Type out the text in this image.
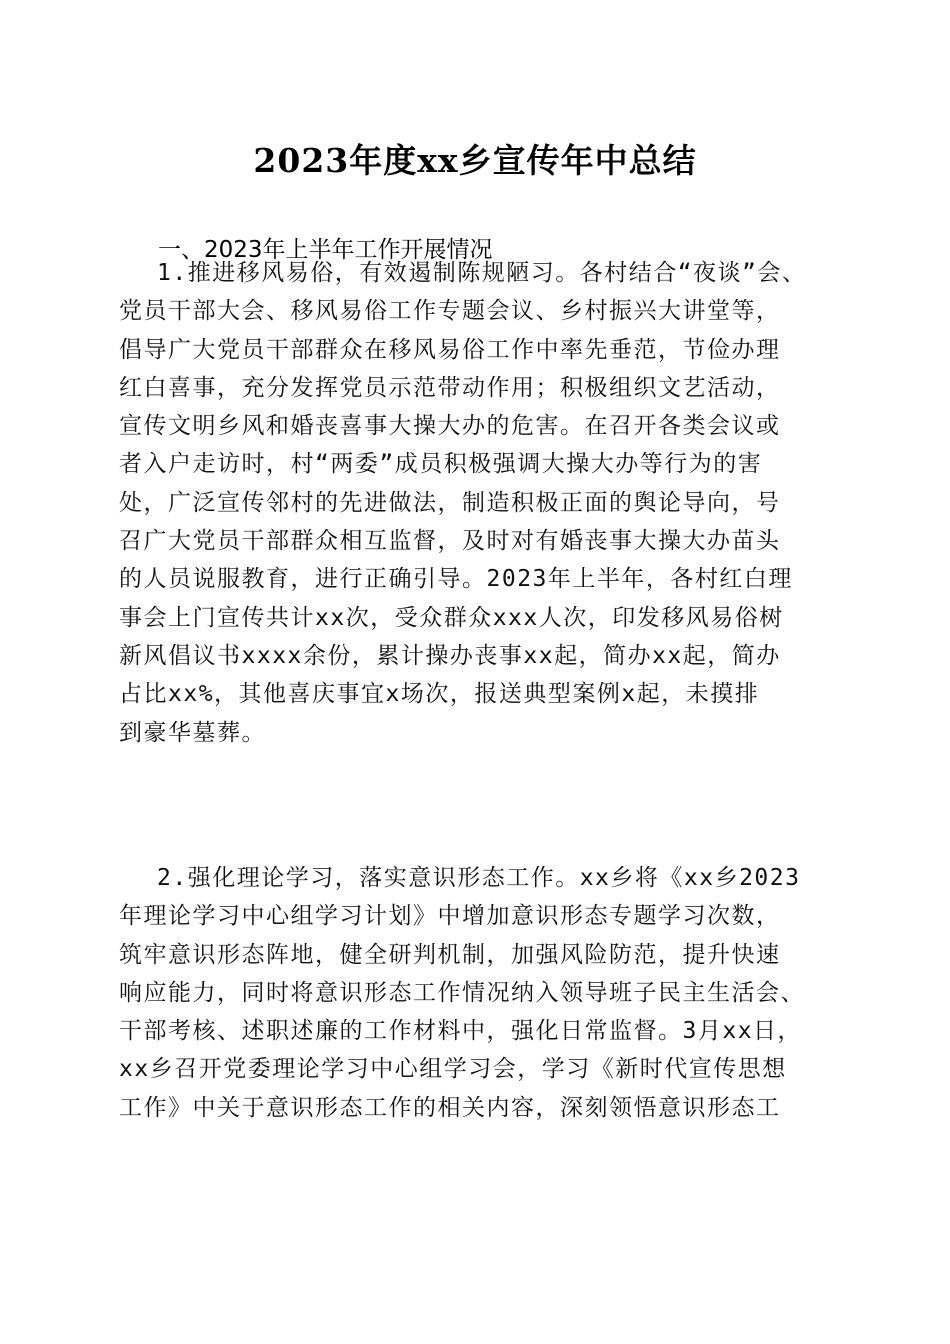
2023年度xx乡宣传年中总结
一、2023年上半年工作开展情况
1.推进移风易俗，有效遏制陈规陋习。各村结合“夜谈”会、
党员干部大会、移风易俗工作专题会议、乡村振兴大讲堂等，
倡导广大党员干部群众在移风易俗工作中率先垂范，节俭办理
红白喜事，充分发挥党员示范带动作用；积极组织文艺活动，
宣传文明乡风和婚丧喜事大操大办的危害。在召开各类会议或
者入户走访时，村“两委”成员积极强调大操大办等行为的害
处，广泛宣传邻村的先进做法，制造积极正面的舆论导向，号
召广大党员干部群众相互监督，及时对有婚丧事大操大办苗头
的人员说服教育，进行正确引导。2023年上半年，各村红白理
事会上门宣传共计xx次，受众群众xxx人次，印发移风易俗树
新风倡议书xxxx余份，累计操办丧事xx起，简办xx起，简办
占比xx%，其他喜庆事宜x场次，报送典型案例x起，未摸排
到豪华墓葬。
2.强化理论学习，落实意识形态工作。xx乡将《xx乡2023
年理论学习中心组学习计划》中增加意识形态专题学习次数，
筑牢意识形态阵地，健全研判机制，加强风险防范，提升快速
响应能力，同时将意识形态工作情况纳入领导班子民主生活会、
干部考核、述职述廉的工作材料中，强化日常监督。3月xx日，
xx乡召开党委理论学习中心组学习会，学习《新时代宣传思想
工作》中关于意识形态工作的相关内容，深刻领悟意识形态工
